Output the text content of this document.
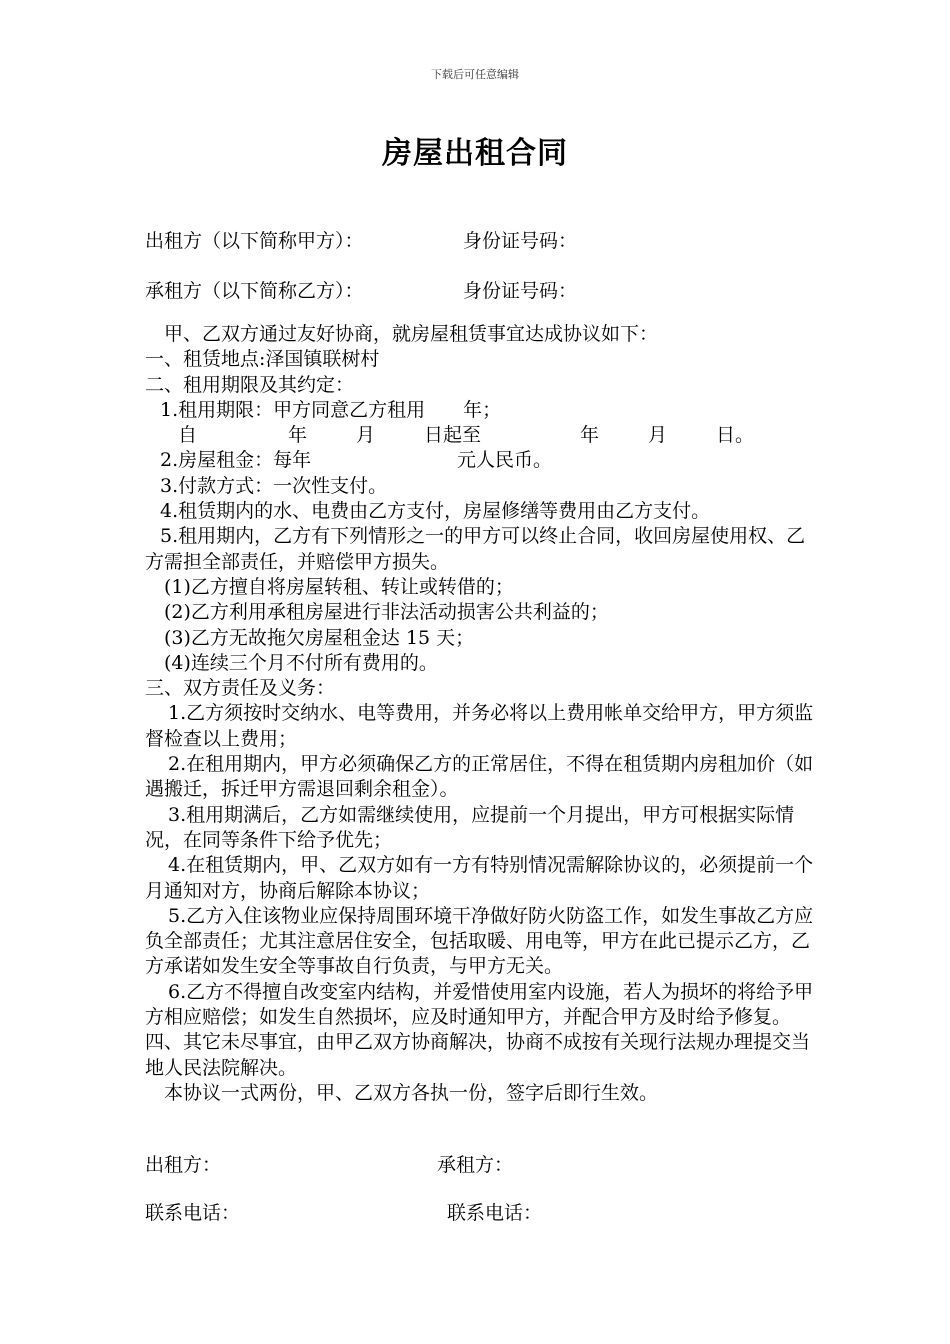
下载后可任意编辑
房屋出租合同
出租方（以下简称甲方）：	身份证号码：
承租方（以下简称乙方）：	身份证号码：

甲、乙双方通过友好协商，就房屋租赁事宜达成协议如下：

一、租赁地点:泽国镇联树村

二、租用期限及其约定：

1.租用期限：甲方同意乙方租用　　年；

自	年	月	日起至	年	月	日。
2.房屋租金：每年	元人民币。

3.付款方式：一次性支付。

4.租赁期内的水、电费由乙方支付，房屋修缮等费用由乙方支付。

5.租用期内，乙方有下列情形之一的甲方可以终止合同，收回房屋使用权、乙方需担全部责任，并赔偿甲方损失。

(1)乙方擅自将房屋转租、转让或转借的；

(2)乙方利用承租房屋进行非法活动损害公共利益的；

(3)乙方无故拖欠房屋租金达 15 天；

(4)连续三个月不付所有费用的。

三、双方责任及义务：

1.乙方须按时交纳水、电等费用，并务必将以上费用帐单交给甲方，甲方须监督检查以上费用；

2.在租用期内，甲方必须确保乙方的正常居住，不得在租赁期内房租加价（如遇搬迁，拆迁甲方需退回剩余租金）。

3.租用期满后，乙方如需继续使用，应提前一个月提出，甲方可根据实际情况，在同等条件下给予优先；

4.在租赁期内，甲、乙双方如有一方有特别情况需解除协议的，必须提前一个月通知对方，协商后解除本协议；

5.乙方入住该物业应保持周围环境干净做好防火防盗工作，如发生事故乙方应负全部责任；尤其注意居住安全，包括取暖、用电等，甲方在此已提示乙方，乙方承诺如发生安全等事故自行负责，与甲方无关。

6.乙方不得擅自改变室内结构，并爱惜使用室内设施，若人为损坏的将给予甲方相应赔偿；如发生自然损坏，应及时通知甲方，并配合甲方及时给予修复。

四、其它未尽事宜，由甲乙双方协商解决，协商不成按有关现行法规办理提交当地人民法院解决。

本协议一式两份，甲、乙双方各执一份，签字后即行生效。

出租方：	承租方：
联系电话：	联系电话：
